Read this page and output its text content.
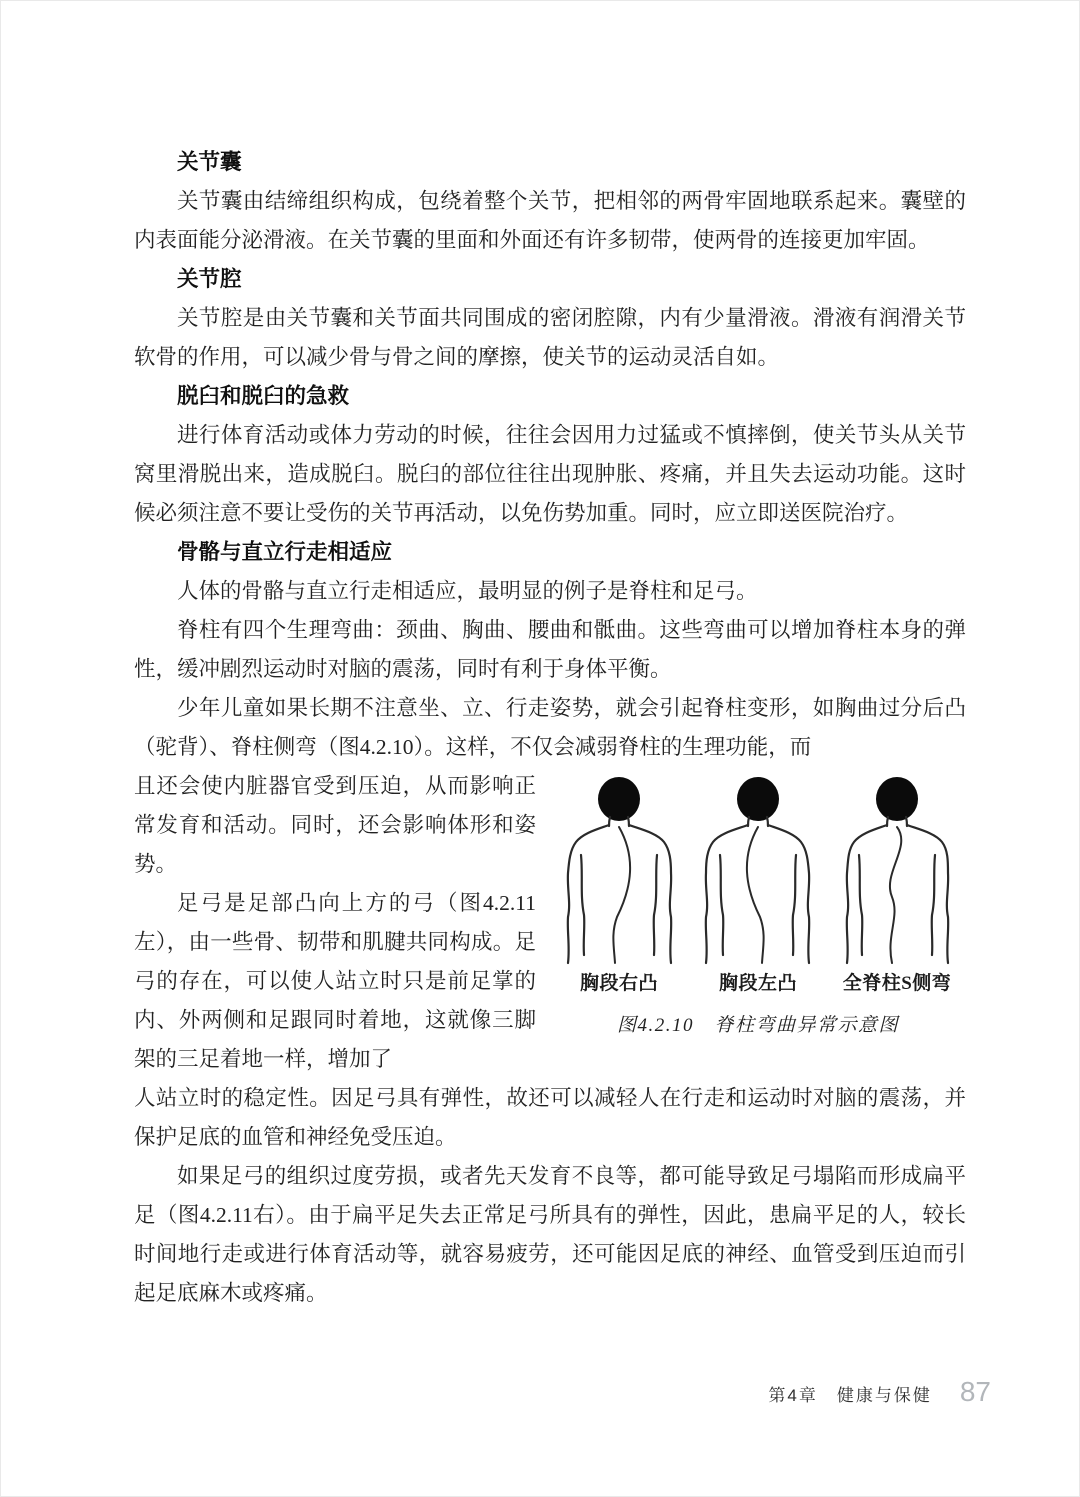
关节囊

关节囊由结缔组织构成，包绕着整个关节，把相邻的两骨牢固地联系起来。囊壁的内表面能分泌滑液。在关节囊的里面和外面还有许多韧带，使两骨的连接更加牢固。

关节腔

关节腔是由关节囊和关节面共同围成的密闭腔隙，内有少量滑液。滑液有润滑关节软骨的作用，可以减少骨与骨之间的摩擦，使关节的运动灵活自如。

脱臼和脱臼的急救

进行体育活动或体力劳动的时候，往往会因用力过猛或不慎摔倒，使关节头从关节窝里滑脱出来，造成脱臼。脱臼的部位往往出现肿胀、疼痛，并且失去运动功能。这时候必须注意不要让受伤的关节再活动，以免伤势加重。同时，应立即送医院治疗。

骨骼与直立行走相适应

人体的骨骼与直立行走相适应，最明显的例子是脊柱和足弓。

脊柱有四个生理弯曲：颈曲、胸曲、腰曲和骶曲。这些弯曲可以增加脊柱本身的弹性，缓冲剧烈运动时对脑的震荡，同时有利于身体平衡。

少年儿童如果长期不注意坐、立、行走姿势，就会引起脊柱变形，如胸曲过分后凸（驼背）、脊柱侧弯（图4.2.10）。这样，不仅会减弱脊柱的生理功能，而

且还会使内脏器官受到压迫，从而影响正常发育和活动。同时，还会影响体形和姿势。

足弓是足部凸向上方的弓（图4.2.11左），由一些骨、韧带和肌腱共同构成。足弓的存在，可以使人站立时只是前足掌的内、外两侧和足跟同时着地，这就像三脚架的三足着地一样，增加了

胸段右凸	胸段左凸 全脊柱S侧弯
图4.2.10　脊柱弯曲异常示意图

人站立时的稳定性。因足弓具有弹性，故还可以减轻人在行走和运动时对脑的震荡，并保护足底的血管和神经免受压迫。

如果足弓的组织过度劳损，或者先天发育不良等，都可能导致足弓塌陷而形成扁平足（图4.2.11右）。由于扁平足失去正常足弓所具有的弹性，因此，患扁平足的人，较长时间地行走或进行体育活动等，就容易疲劳，还可能因足底的神经、血管受到压迫而引起足底麻木或疼痛。

第4章　健康与保健 87
